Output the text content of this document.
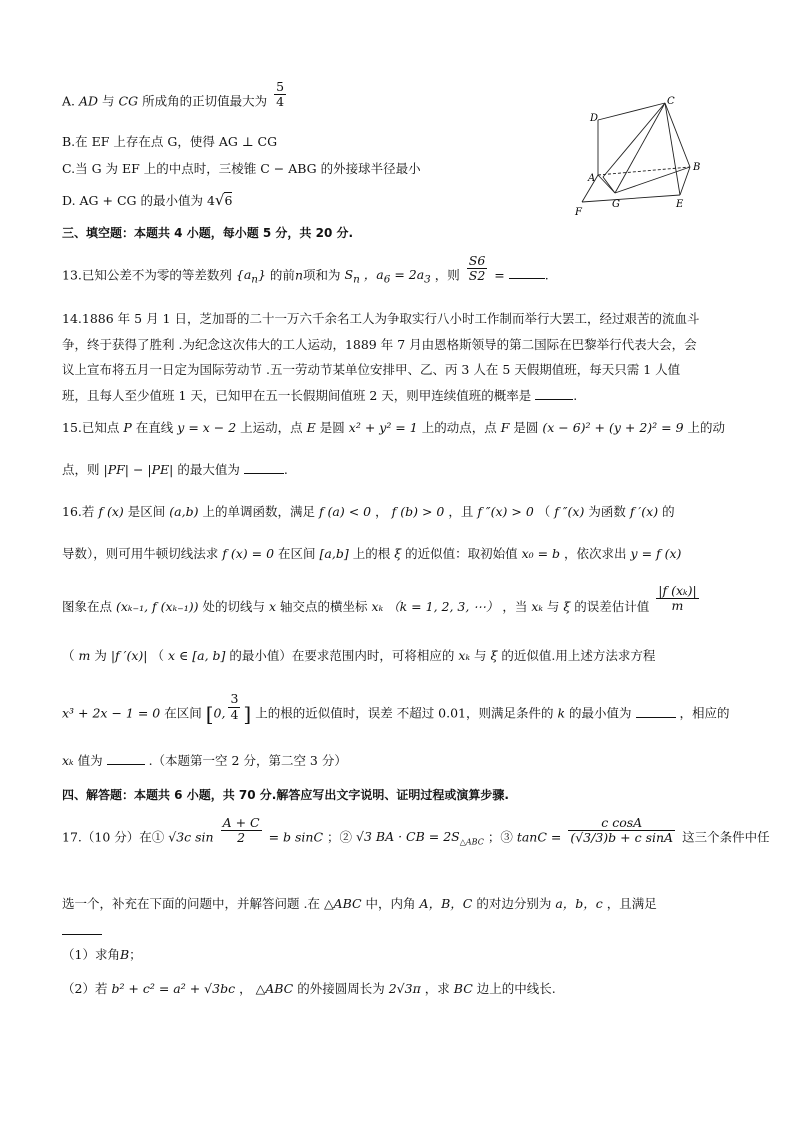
A. AD 与 CG 所成角的正切值最大为 $\frac{5}{4}$
B.在 EF 上存在点 G，使得 AG ⊥ CG
C.当 G 为 EF 上的中点时，三棱锥 C − ABG 的外接球半径最小
D. AG + CG 的最小值为 4√6
D
C
A
B
F
G	E
三、填空题：本题共 4 小题，每小题 5 分，共 20 分.
13.已知公差不为零的等差数列 $\{a_n\}$ 的前n项和为 $S_n$ ，$a_6 = 2a_3$ ，则 $\frac{S6}{S2}$ =	.
14.1886 年 5 月 1 日，芝加哥的二十一万六千余名工人为争取实行八小时工作制而举行大罢工，经过艰苦的流血斗
争，终于获得了胜利 .为纪念这次伟大的工人运动，1889 年 7 月由恩格斯领导的第二国际在巴黎举行代表大会，会
议上宣布将五月一日定为国际劳动节 .五一劳动节某单位安排甲、乙、丙 3 人在 5 天假期值班，每天只需 1 人值
班，且每人至少值班 1 天，已知甲在五一长假期间值班 2 天，则甲连续值班的概率是	.
15.已知点 P 在直线 y = x − 2 上运动，点 E 是圆 x² + y² = 1 上的动点，点 F 是圆 (x − 6)² + (y + 2)² = 9 上的动
点，则 |PF| − |PE| 的最大值为	.
16.若 f (x) 是区间 (a,b) 上的单调函数，满足 f (a) < 0 ， f (b) > 0 ，且 f ″(x) > 0 （ f ″(x) 为函数 f ′(x) 的
导数），则可用牛顿切线法求 f (x) = 0 在区间 [a,b] 上的根 ξ 的近似值：取初始值 x₀ = b ，依次求出 y = f (x)
图象在点 (xₖ₋₁, f (xₖ₋₁)) 处的切线与 x 轴交点的横坐标 xₖ （k = 1, 2, 3, ⋯） ，当 xₖ 与 ξ 的误差估计值 $\frac{\text{|f (xₖ)|}}{m}$
（ m 为 |f ′(x)| （ x ∈ [a, b] 的最小值）在要求范围内时，可将相应的 xₖ 与 ξ 的近似值.用上述方法求方程
x³ + 2x − 1 = 0 在区间 [0, $\frac{3}{4}$ ] 上的根的近似值时，误差 不超过 0.01，则满足条件的 k 的最小值为	，相应的
xₖ 值为	.（本题第一空 2 分，第二空 3 分）
四、解答题：本题共 6 小题，共 70 分.解答应写出文字说明、证明过程或演算步骤.
17.（10 分）在① √3c $\sin \frac{A + C}{2} = b$ sinC ；② √3 BA · CB = $2S_{\triangle ABC}$ ；③ $\tan C = \frac{\text{c cosA}}{\text{(√3/3)b + c sinA}}$ 这三个条件中任
选一个，补充在下面的问题中，并解答问题 .在 △ABC 中，内角 A，B，C 的对边分别为 a，b，c ，且满足
（1）求角B；
（2）若 b² + c² = a² + √3bc ， △ABC 的外接圆周长为 2√3π ，求 BC 边上的中线长.
